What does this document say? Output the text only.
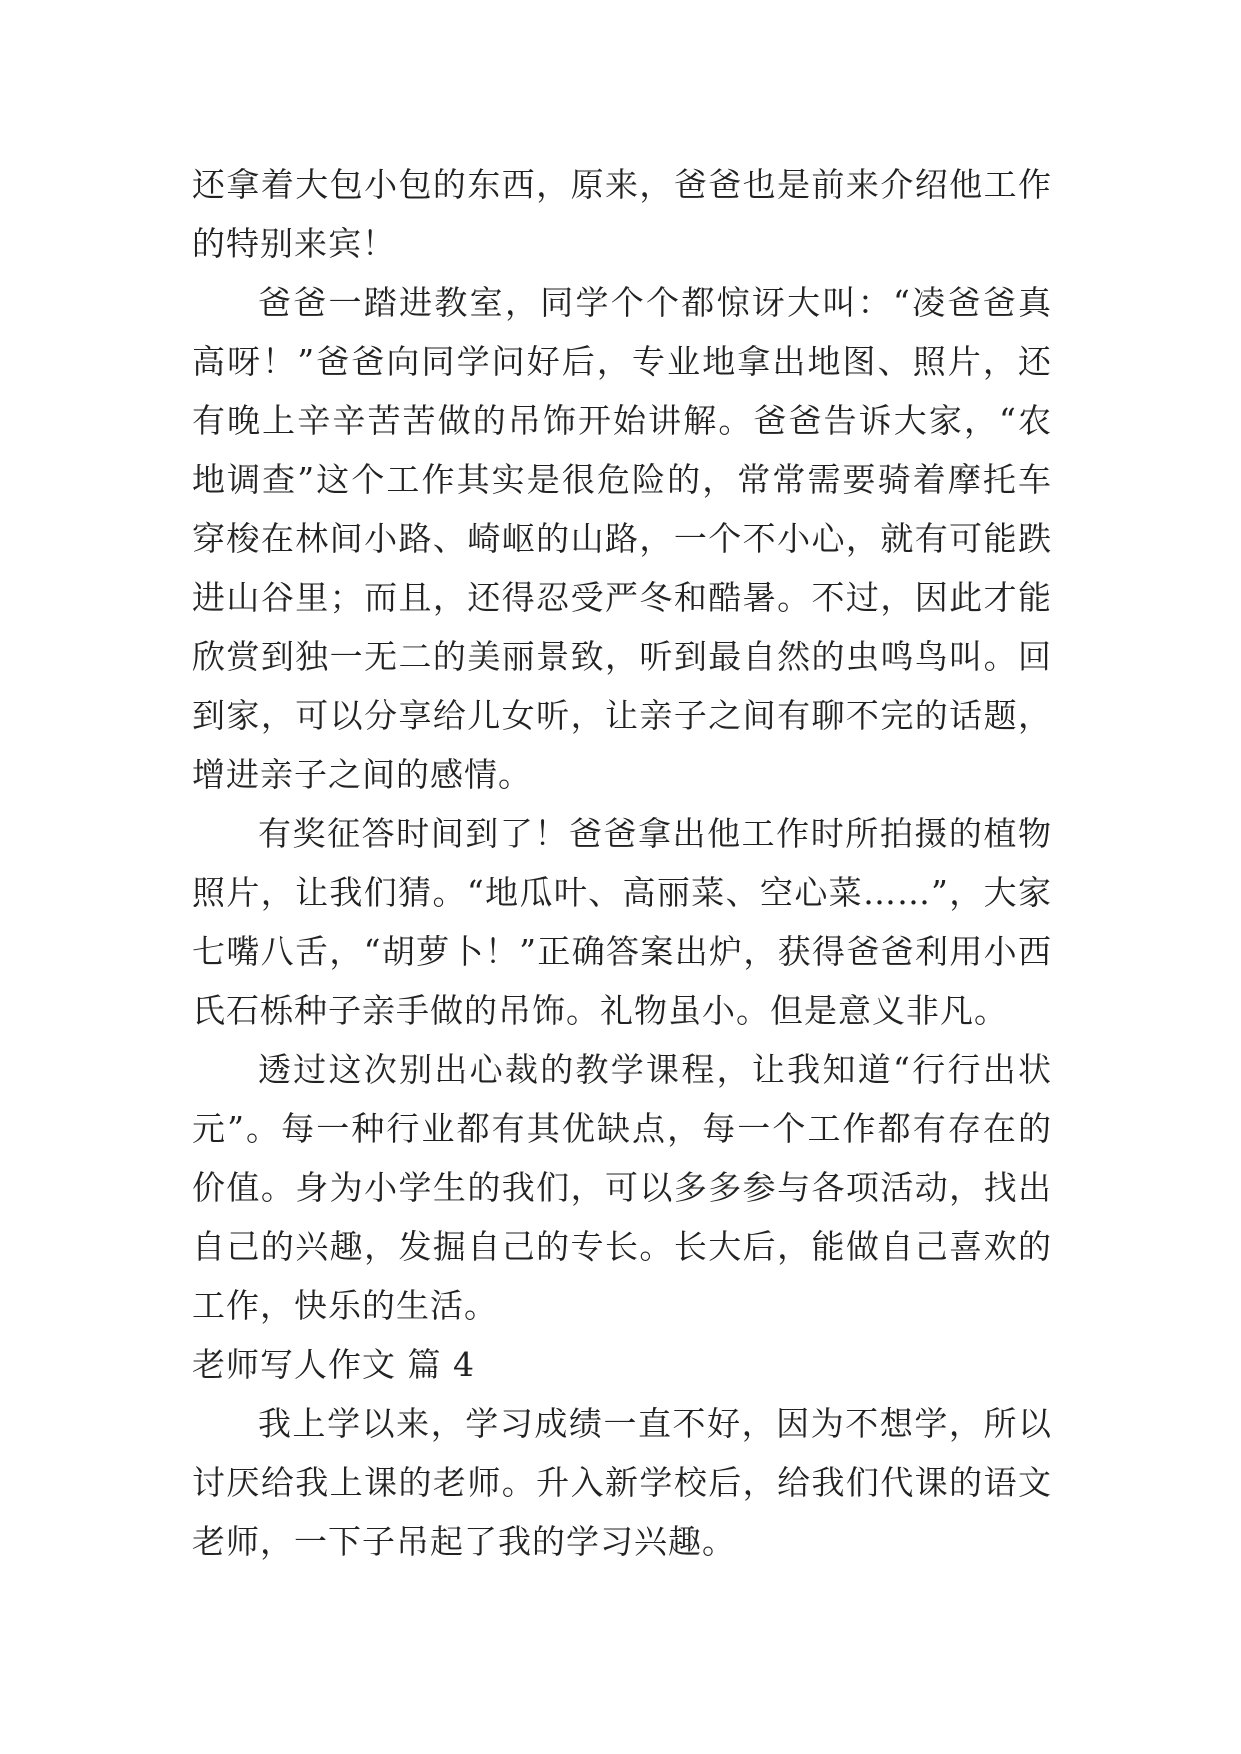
还拿着大包小包的东西，原来，爸爸也是前来介绍他工作的特别来宾！

爸爸一踏进教室，同学个个都惊讶大叫：“凌爸爸真高呀！”爸爸向同学问好后，专业地拿出地图、照片，还有晚上辛辛苦苦做的吊饰开始讲解。爸爸告诉大家，“农地调查”这个工作其实是很危险的，常常需要骑着摩托车穿梭在林间小路、崎岖的山路，一个不小心，就有可能跌进山谷里；而且，还得忍受严冬和酷暑。不过，因此才能欣赏到独一无二的美丽景致，听到最自然的虫鸣鸟叫。回到家，可以分享给儿女听，让亲子之间有聊不完的话题，增进亲子之间的感情。

有奖征答时间到了！爸爸拿出他工作时所拍摄的植物照片，让我们猜。“地瓜叶、高丽菜、空心菜……”，大家七嘴八舌，“胡萝卜！”正确答案出炉，获得爸爸利用小西氏石栎种子亲手做的吊饰。礼物虽小。但是意义非凡。

透过这次别出心裁的教学课程，让我知道“行行出状元”。每一种行业都有其优缺点，每一个工作都有存在的价值。身为小学生的我们，可以多多参与各项活动，找出自己的兴趣，发掘自己的专长。长大后，能做自己喜欢的工作，快乐的生活。

老师写人作文 篇 4

我上学以来，学习成绩一直不好，因为不想学，所以讨厌给我上课的老师。升入新学校后，给我们代课的语文老师，一下子吊起了我的学习兴趣。
